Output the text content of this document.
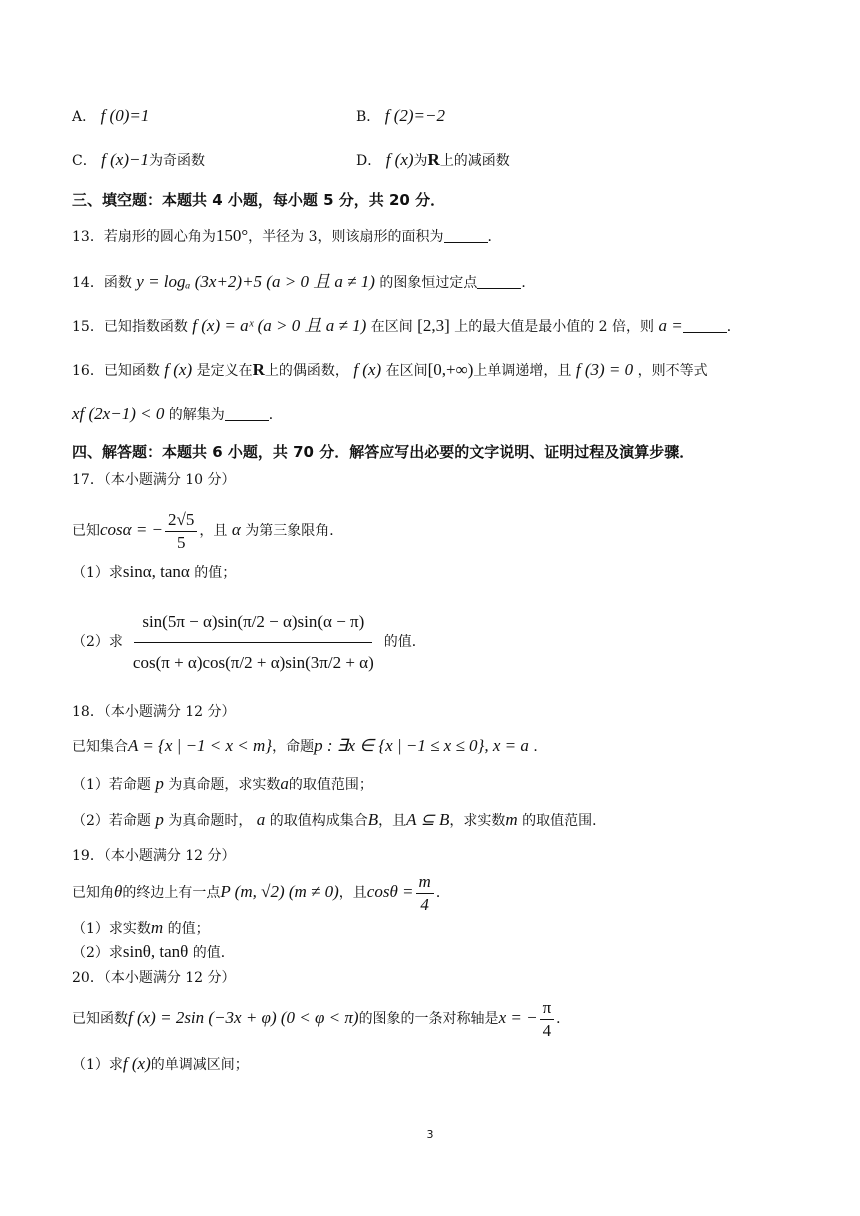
A． f (0)=1	B． f (2)=−2
C． f (x)−1为奇函数	D． f (x)为R上的减函数
三、填空题：本题共 4 小题，每小题 5 分，共 20 分．
13．若扇形的圆心角为150°，半径为 3，则该扇形的面积为	．
14．函数 y = logₐ (3x+2)+5 (a > 0 且 a ≠ 1) 的图象恒过定点	．
15．已知指数函数 f (x) = aˣ (a > 0 且 a ≠ 1) 在区间 [2,3] 上的最大值是最小值的 2 倍，则 a =	．
16．已知函数 f (x) 是定义在R上的偶函数， f (x) 在区间[0,+∞)上单调递增，且 f (3) = 0 ，则不等式
xf (2x−1) < 0 的解集为	．
四、解答题：本题共 6 小题，共 70 分．解答应写出必要的文字说明、证明过程及演算步骤．
17．（本小题满分 10 分）
已知cosα = − $\frac{2√5}{5}$ ，且 α 为第三象限角．
（1）求sinα, tanα 的值；
（2）求 $\frac{\sin(5\pi - \alpha)\sin(\pi/2 - \alpha)\sin(\alpha - \pi)}{\cos(\pi + \alpha)\cos(\pi/2 + \alpha)\sin(3\pi/2 + \alpha)}$ 的值．
18．（本小题满分 12 分）
已知集合A = {x | −1 < x < m}，命题p : ∃x ∈ {x | −1 ≤ x ≤ 0}, x = a ．
（1）若命题 p 为真命题，求实数a的取值范围；
（2）若命题 p 为真命题时， a 的取值构成集合B，且A ⊆ B，求实数m 的取值范围．
19．（本小题满分 12 分）
已知角θ的终边上有一点P (m, √2) (m ≠ 0)，且$\cos\theta = \frac{m}{4}$ ．
（1）求实数m 的值；
（2）求sinθ, tanθ 的值．
20．（本小题满分 12 分）
已知函数f (x) = 2sin (−3x + φ) (0 < φ < π)的图象的一条对称轴是x = − $\frac{\pi}{4}$ ．
（1）求f (x)的单调减区间；
3
